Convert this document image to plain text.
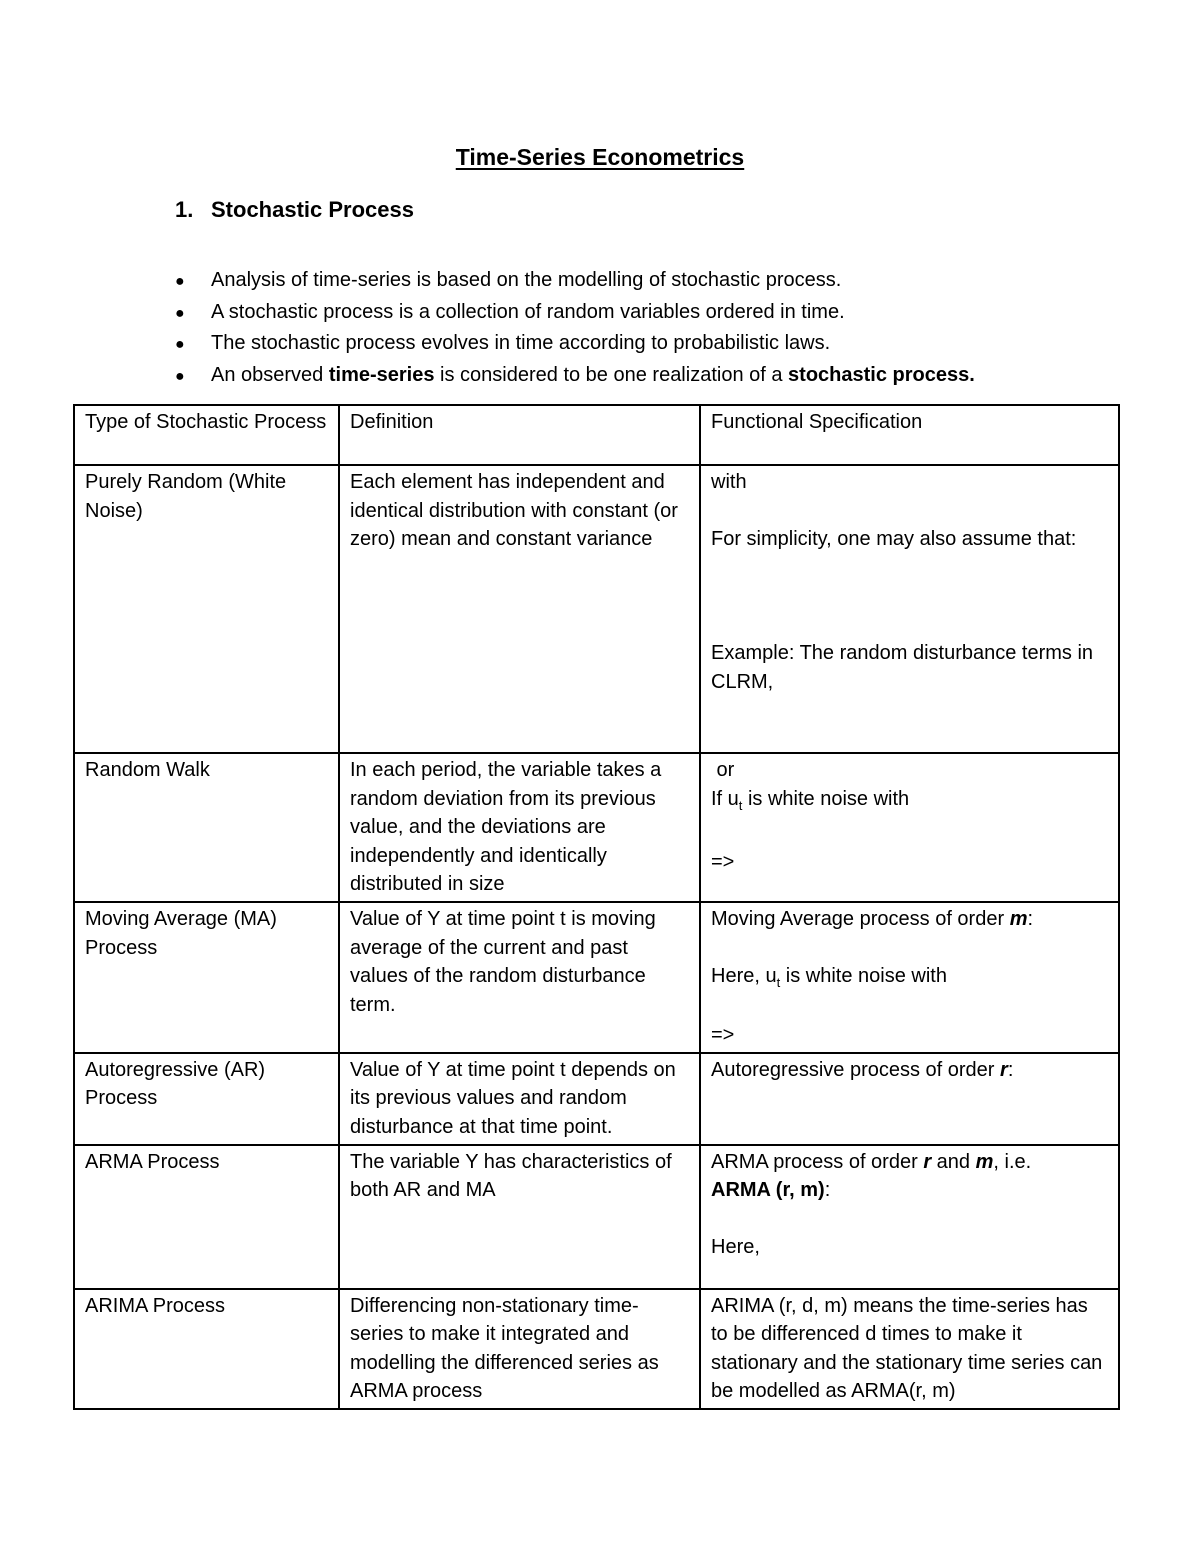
Time-Series Econometrics
1. Stochastic Process
● Analysis of time-series is based on the modelling of stochastic process.
● A stochastic process is a collection of random variables ordered in time.
● The stochastic process evolves in time according to probabilistic laws.
● An observed time-series is considered to be one realization of a stochastic process.
Type of Stochastic Process	Definition	Functional Specification
Purely Random (White Noise)	Each element has independent and identical distribution with constant (or zero) mean and constant variance	with
For simplicity, one may also assume that:
Example: The random disturbance terms in CLRM,

Random Walk	In each period, the variable takes a random deviation from its previous value, and the deviations are independently and identically distributed in size	or
If $u_t$ is white noise with
=>

Moving Average (MA) Process	Value of Y at time point t is moving average of the current and past values of the random disturbance term.	Moving Average process of order m:
Here, $u_t$ is white noise with
=>

Autoregressive (AR) Process	Value of Y at time point t depends on its previous values and random disturbance at that time point.	Autoregressive process of order r:

ARMA Process	The variable Y has characteristics of both AR and MA	ARMA process of order r and m, i.e.
ARMA (r, m):
Here,

ARIMA Process	Differencing non-stationary time-series to make it integrated and modelling the differenced series as ARMA process	ARIMA (r, d, m) means the time-series has to be differenced d times to make it stationary and the stationary time series can be modelled as ARMA(r, m)
